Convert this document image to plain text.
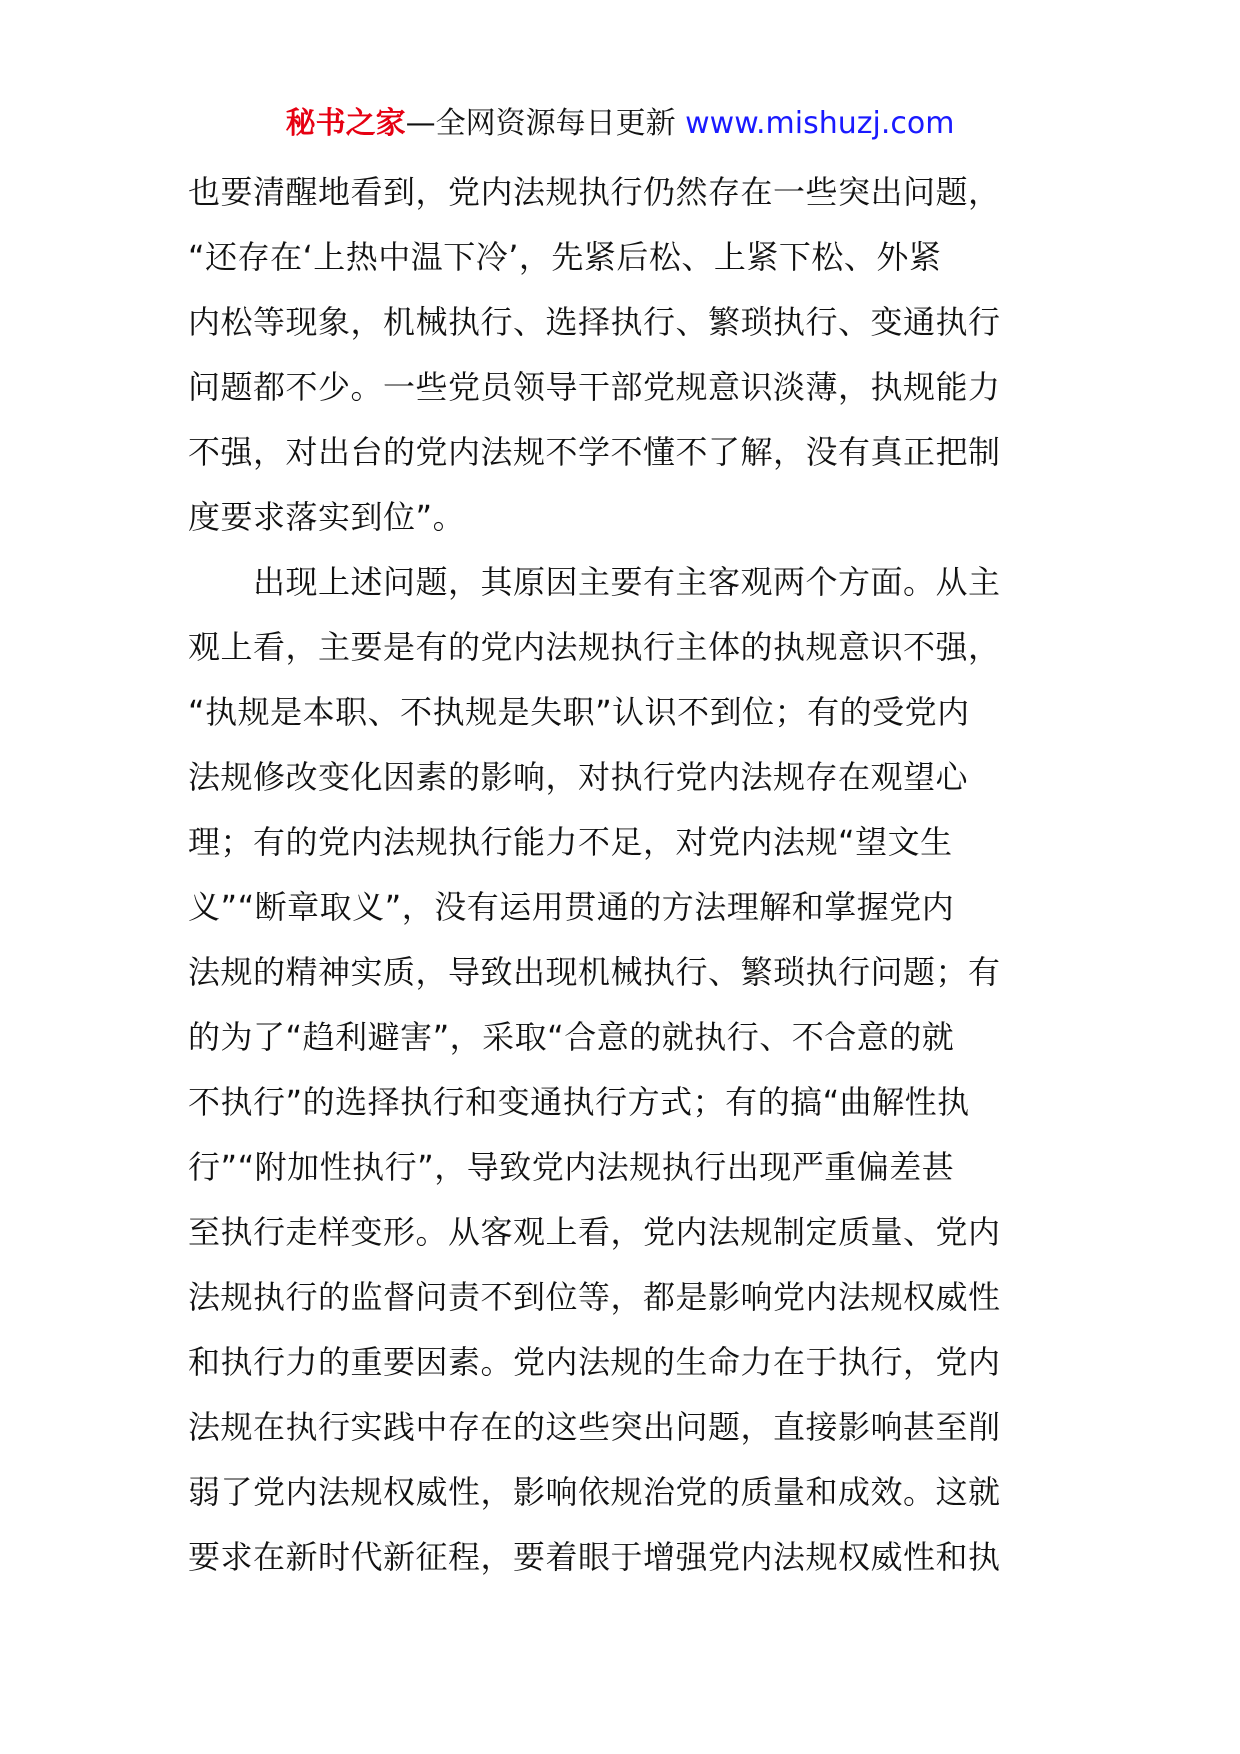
秘书之家—全网资源每日更新 www.mishuzj.com
也要清醒地看到，党内法规执行仍然存在一些突出问题，
“还存在‘上热中温下冷’，先紧后松、上紧下松、外紧
内松等现象，机械执行、选择执行、繁琐执行、变通执行
问题都不少。一些党员领导干部党规意识淡薄，执规能力
不强，对出台的党内法规不学不懂不了解，没有真正把制
度要求落实到位”。
　　出现上述问题，其原因主要有主客观两个方面。从主
观上看，主要是有的党内法规执行主体的执规意识不强，
“执规是本职、不执规是失职”认识不到位；有的受党内
法规修改变化因素的影响，对执行党内法规存在观望心
理；有的党内法规执行能力不足，对党内法规“望文生
义”“断章取义”，没有运用贯通的方法理解和掌握党内
法规的精神实质，导致出现机械执行、繁琐执行问题；有
的为了“趋利避害”，采取“合意的就执行、不合意的就
不执行”的选择执行和变通执行方式；有的搞“曲解性执
行”“附加性执行”，导致党内法规执行出现严重偏差甚
至执行走样变形。从客观上看，党内法规制定质量、党内
法规执行的监督问责不到位等，都是影响党内法规权威性
和执行力的重要因素。党内法规的生命力在于执行，党内
法规在执行实践中存在的这些突出问题，直接影响甚至削
弱了党内法规权威性，影响依规治党的质量和成效。这就
要求在新时代新征程，要着眼于增强党内法规权威性和执
